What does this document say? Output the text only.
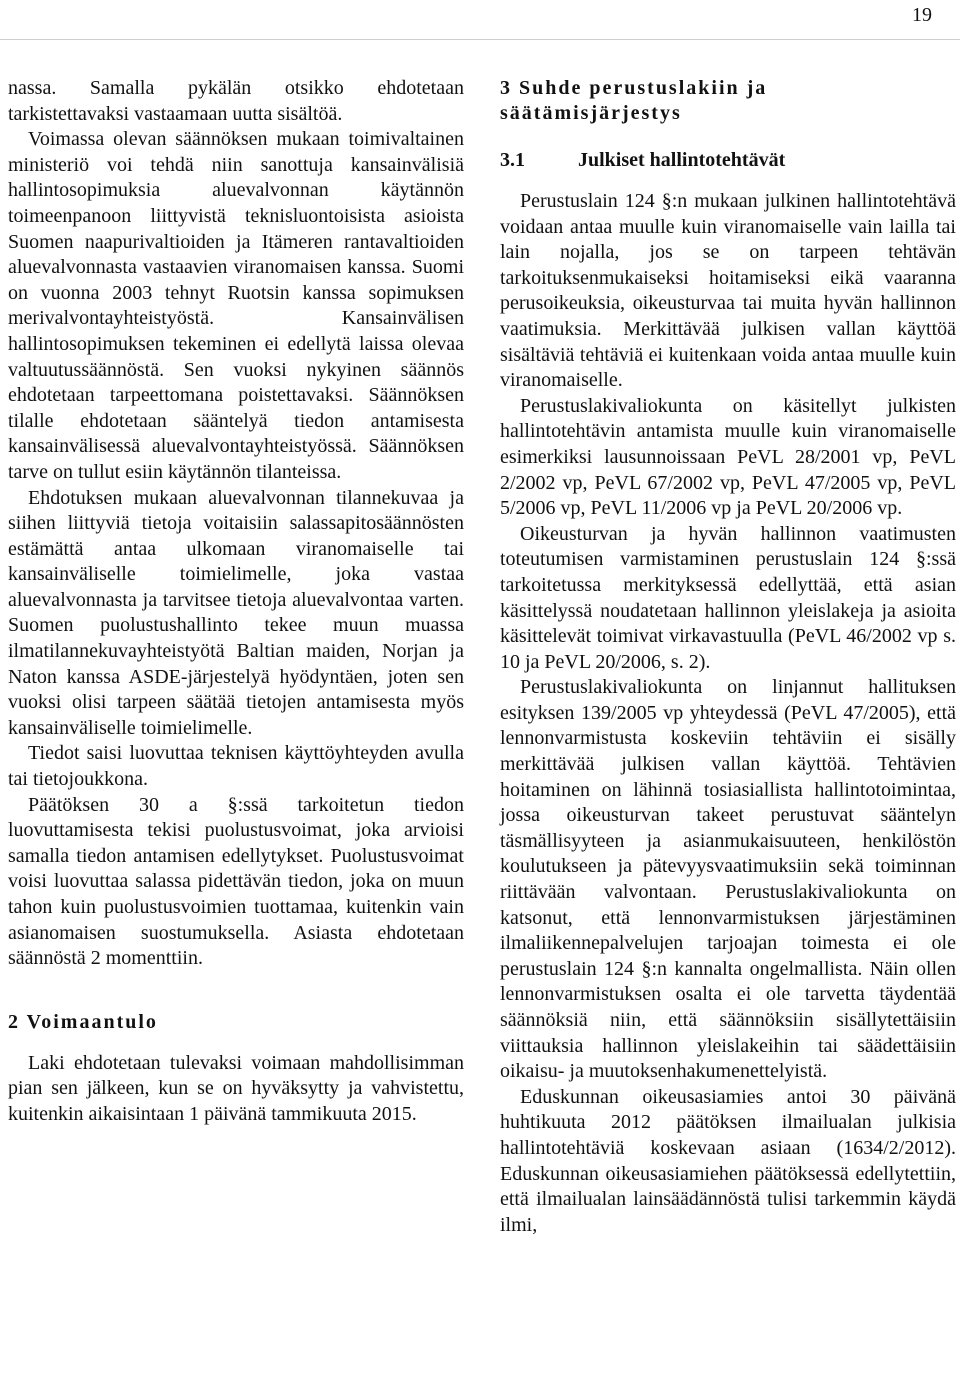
19

nassa. Samalla pykälän otsikko ehdotetaan tarkistettavaksi vastaamaan uutta sisältöä.

Voimassa olevan säännöksen mukaan toimivaltainen ministeriö voi tehdä niin sanottuja kansainvälisiä hallintosopimuksia aluevalvonnan käytännön toimeenpanoon liittyvistä teknisluontoisista asioista Suomen naapurivaltioiden ja Itämeren rantavaltioiden aluevalvonnasta vastaavien viranomaisen kanssa. Suomi on vuonna 2003 tehnyt Ruotsin kanssa sopimuksen merivalvontayhteistyöstä. Kansainvälisen hallintosopimuksen tekeminen ei edellytä laissa olevaa valtuutussäännöstä. Sen vuoksi nykyinen säännös ehdotetaan tarpeettomana poistettavaksi. Säännöksen tilalle ehdotetaan sääntelyä tiedon antamisesta kansainvälisessä aluevalvontayhteistyössä. Säännöksen tarve on tullut esiin käytännön tilanteissa.

Ehdotuksen mukaan aluevalvonnan tilannekuvaa ja siihen liittyviä tietoja voitaisiin salassapitosäännösten estämättä antaa ulkomaan viranomaiselle tai kansainväliselle toimielimelle, joka vastaa aluevalvonnasta ja tarvitsee tietoja aluevalvontaa varten. Suomen puolustushallinto tekee muun muassa ilmatilannekuvayhteistyötä Baltian maiden, Norjan ja Naton kanssa ASDE-järjestelyä hyödyntäen, joten sen vuoksi olisi tarpeen säätää tietojen antamisesta myös kansainväliselle toimielimelle.

Tiedot saisi luovuttaa teknisen käyttöyhteyden avulla tai tietojoukkona.

Päätöksen 30 a §:ssä tarkoitetun tiedon luovuttamisesta tekisi puolustusvoimat, joka arvioisi samalla tiedon antamisen edellytykset. Puolustusvoimat voisi luovuttaa salassa pidettävän tiedon, joka on muun tahon kuin puolustusvoimien tuottamaa, kuitenkin vain asianomaisen suostumuksella. Asiasta ehdotetaan säännöstä 2 momenttiin.

2 Voimaantulo

Laki ehdotetaan tulevaksi voimaan mahdollisimman pian sen jälkeen, kun se on hyväksytty ja vahvistettu, kuitenkin aikaisintaan 1 päivänä tammikuuta 2015.

3 Suhde perustuslakiin ja säätämisjärjestys
3.1	Julkiset hallintotehtävät

Perustuslain 124 §:n mukaan julkinen hallintotehtävä voidaan antaa muulle kuin viranomaiselle vain lailla tai lain nojalla, jos se on tarpeen tehtävän tarkoituksenmukaiseksi hoitamiseksi eikä vaaranna perusoikeuksia, oikeusturvaa tai muita hyvän hallinnon vaatimuksia. Merkittävää julkisen vallan käyttöä sisältäviä tehtäviä ei kuitenkaan voida antaa muulle kuin viranomaiselle.

Perustuslakivaliokunta on käsitellyt julkisten hallintotehtävin antamista muulle kuin viranomaiselle esimerkiksi lausunnoissaan PeVL 28/2001 vp, PeVL 2/2002 vp, PeVL 67/2002 vp, PeVL 47/2005 vp, PeVL 5/2006 vp, PeVL 11/2006 vp ja PeVL 20/2006 vp.

Oikeusturvan ja hyvän hallinnon vaatimusten toteutumisen varmistaminen perustuslain 124 §:ssä tarkoitetussa merkityksessä edellyttää, että asian käsittelyssä noudatetaan hallinnon yleislakeja ja asioita käsittelevät toimivat virkavastuulla (PeVL 46/2002 vp s. 10 ja PeVL 20/2006, s. 2).

Perustuslakivaliokunta on linjannut hallituksen esityksen 139/2005 vp yhteydessä (PeVL 47/2005), että lennonvarmistusta koskeviin tehtäviin ei sisälly merkittävää julkisen vallan käyttöä. Tehtävien hoitaminen on lähinnä tosiasiallista hallintotoimintaa, jossa oikeusturvan takeet perustuvat sääntelyn täsmällisyyteen ja asianmukaisuuteen, henkilöstön koulutukseen ja pätevyysvaatimuksiin sekä toiminnan riittävään valvontaan. Perustuslakivaliokunta on katsonut, että lennonvarmistuksen järjestäminen ilmaliikennepalvelujen tarjoajan toimesta ei ole perustuslain 124 §:n kannalta ongelmallista. Näin ollen lennonvarmistuksen osalta ei ole tarvetta täydentää säännöksiä niin, että säännöksiin sisällytettäisiin viittauksia hallinnon yleislakeihin tai säädettäisiin oikaisu- ja muutoksenhakumenettelyistä.

Eduskunnan oikeusasiamies antoi 30 päivänä huhtikuuta 2012 päätöksen ilmailualan julkisia hallintotehtäviä koskevaan asiaan (1634/2/2012). Eduskunnan oikeusasiamiehen päätöksessä edellytettiin, että ilmailualan lainsäädännöstä tulisi tarkemmin käydä ilmi,
